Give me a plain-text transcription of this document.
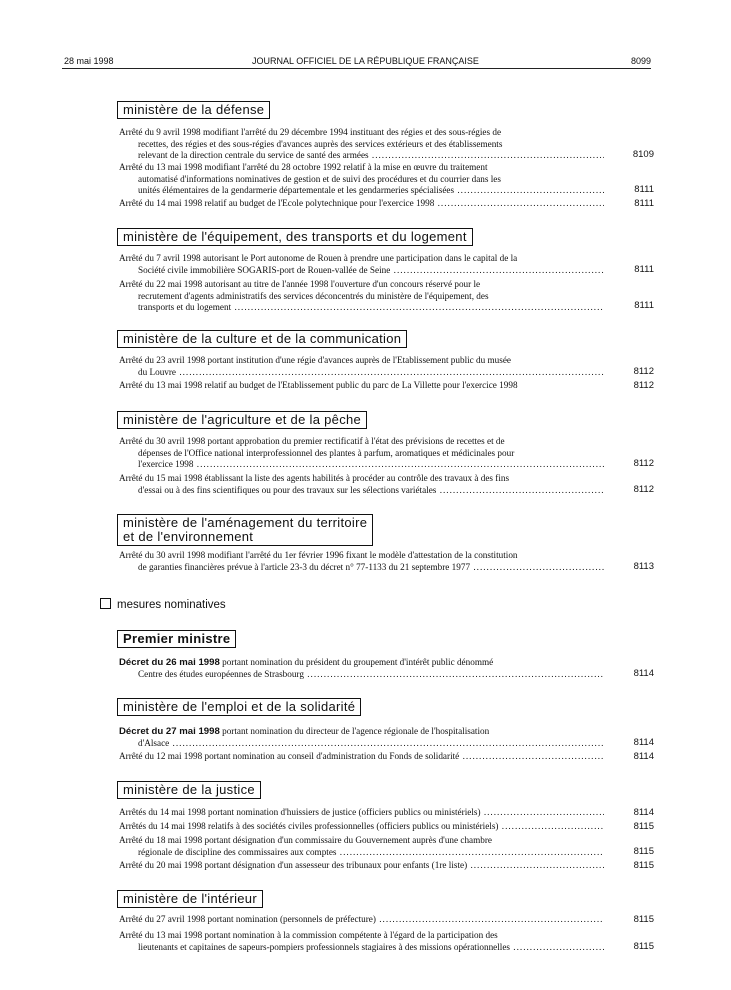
28 mai 1998	JOURNAL OFFICIEL DE LA RÉPUBLIQUE FRANÇAISE	8099
ministère de la défense
Arrêté du 9 avril 1998 modifiant l'arrêté du 29 décembre 1994 instituant des régies et des sous-régies de
recettes, des régies et des sous-régies d'avances auprès des services extérieurs et des établissements
relevant de la direction centrale du service de santé des armées .....	8109
Arrêté du 13 mai 1998 modifiant l'arrêté du 28 octobre 1992 relatif à la mise en œuvre du traitement
automatisé d'informations nominatives de gestion et de suivi des procédures et du courrier dans les
unités élémentaires de la gendarmerie départementale et les gendarmeries spécialisées .....	8111
Arrêté du 14 mai 1998 relatif au budget de l'Ecole polytechnique pour l'exercice 1998 .....	8111
ministère de l'équipement, des transports et du logement
Arrêté du 7 avril 1998 autorisant le Port autonome de Rouen à prendre une participation dans le capital de la
Société civile immobilière SOGARIS-port de Rouen-vallée de Seine .....	8111
Arrêté du 22 mai 1998 autorisant au titre de l'année 1998 l'ouverture d'un concours réservé pour le
recrutement d'agents administratifs des services déconcentrés du ministère de l'équipement, des
transports et du logement .....	8111
ministère de la culture et de la communication
Arrêté du 23 avril 1998 portant institution d'une régie d'avances auprès de l'Etablissement public du musée
du Louvre .....	8112
Arrêté du 13 mai 1998 relatif au budget de l'Etablissement public du parc de La Villette pour l'exercice 1998	8112
ministère de l'agriculture et de la pêche
Arrêté du 30 avril 1998 portant approbation du premier rectificatif à l'état des prévisions de recettes et de
dépenses de l'Office national interprofessionnel des plantes à parfum, aromatiques et médicinales pour
l'exercice 1998 .....	8112
Arrêté du 15 mai 1998 établissant la liste des agents habilités à procéder au contrôle des travaux à des fins
d'essai ou à des fins scientifiques ou pour des travaux sur les sélections variétales .....	8112
ministère de l'aménagement du territoire
et de l'environnement
Arrêté du 30 avril 1998 modifiant l'arrêté du 1er février 1996 fixant le modèle d'attestation de la constitution
de garanties financières prévue à l'article 23-3 du décret n° 77-1133 du 21 septembre 1977 .....	8113
mesures nominatives
Premier ministre
Décret du 26 mai 1998 portant nomination du président du groupement d'intérêt public dénommé
Centre des études européennes de Strasbourg .....	8114
ministère de l'emploi et de la solidarité
Décret du 27 mai 1998 portant nomination du directeur de l'agence régionale de l'hospitalisation
d'Alsace .....	8114
Arrêté du 12 mai 1998 portant nomination au conseil d'administration du Fonds de solidarité .....	8114
ministère de la justice
Arrêtés du 14 mai 1998 portant nomination d'huissiers de justice (officiers publics ou ministériels) .....	8114
Arrêtés du 14 mai 1998 relatifs à des sociétés civiles professionnelles (officiers publics ou ministériels) .....	8115
Arrêté du 18 mai 1998 portant désignation d'un commissaire du Gouvernement auprès d'une chambre
régionale de discipline des commissaires aux comptes .....	8115
Arrêté du 20 mai 1998 portant désignation d'un assesseur des tribunaux pour enfants (1re liste) .....	8115
ministère de l'intérieur
Arrêté du 27 avril 1998 portant nomination (personnels de préfecture) .....	8115
Arrêté du 13 mai 1998 portant nomination à la commission compétente à l'égard de la participation des
lieutenants et capitaines de sapeurs-pompiers professionnels stagiaires à des missions opérationnelles .....	8115
